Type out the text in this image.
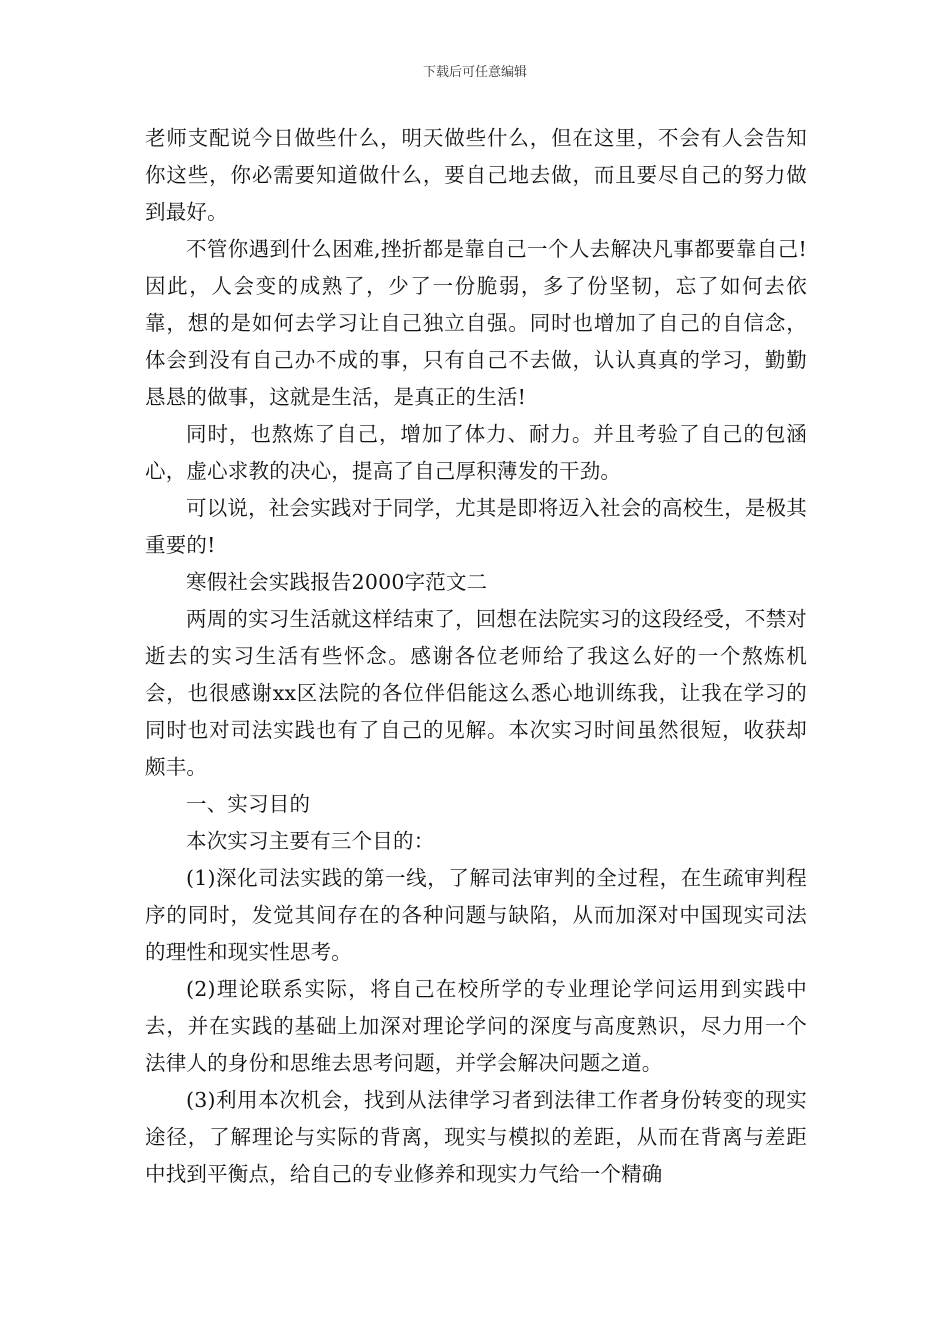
下载后可任意编辑

老师支配说今日做些什么，明天做些什么，但在这里，不会有人会告知你这些，你必需要知道做什么，要自己地去做，而且要尽自己的努力做到最好。

不管你遇到什么困难,挫折都是靠自己一个人去解决凡事都要靠自己!因此，人会变的成熟了，少了一份脆弱，多了份坚韧，忘了如何去依靠，想的是如何去学习让自己独立自强。同时也增加了自己的自信念，体会到没有自己办不成的事，只有自己不去做，认认真真的学习，勤勤恳恳的做事，这就是生活，是真正的生活!

同时，也熬炼了自己，增加了体力、耐力。并且考验了自己的包涵心，虚心求教的决心，提高了自己厚积薄发的干劲。

可以说，社会实践对于同学，尤其是即将迈入社会的高校生，是极其重要的!

寒假社会实践报告2000字范文二

两周的实习生活就这样结束了，回想在法院实习的这段经受，不禁对逝去的实习生活有些怀念。感谢各位老师给了我这么好的一个熬炼机会，也很感谢xx区法院的各位伴侣能这么悉心地训练我，让我在学习的同时也对司法实践也有了自己的见解。本次实习时间虽然很短，收获却颇丰。

一、实习目的

本次实习主要有三个目的：

(1)深化司法实践的第一线，了解司法审判的全过程，在生疏审判程序的同时，发觉其间存在的各种问题与缺陷，从而加深对中国现实司法的理性和现实性思考。

(2)理论联系实际，将自己在校所学的专业理论学问运用到实践中去，并在实践的基础上加深对理论学问的深度与高度熟识，尽力用一个法律人的身份和思维去思考问题，并学会解决问题之道。

(3)利用本次机会，找到从法律学习者到法律工作者身份转变的现实途径，了解理论与实际的背离，现实与模拟的差距，从而在背离与差距中找到平衡点，给自己的专业修养和现实力气给一个精确
